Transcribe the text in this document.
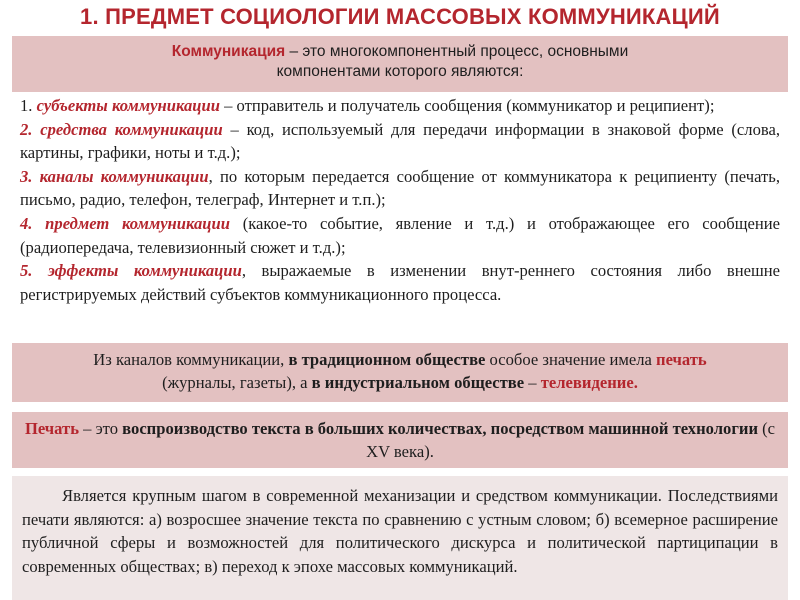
1. ПРЕДМЕТ СОЦИОЛОГИИ МАССОВЫХ КОММУНИКАЦИЙ
Коммуникация – это многокомпонентный процесс, основными
компонентами которого являются:

1. субъекты коммуникации – отправитель и получатель сообщения (коммуникатор и реципиент);

2. средства коммуникации – код, используемый для передачи информации в знаковой форме (слова, картины, графики, ноты и т.д.);

3. каналы коммуникации, по которым передается сообщение от коммуникатора к реципиенту (печать, письмо, радио, телефон, телеграф, Интернет и т.п.);

4. предмет коммуникации (какое-то событие, явление и т.д.) и отображающее его сообщение (радиопередача, телевизионный сюжет и т.д.);

5. эффекты коммуникации, выражаемые в изменении внут-реннего состояния либо внешне регистрируемых действий субъектов коммуникационного процесса.

Из каналов коммуникации, в традиционном обществе особое значение имела печать
(журналы, газеты), а в индустриальном обществе – телевидение.
Печать – это воспроизводство текста в больших количествах, посредством машинной технологии (с XV века).
Является крупным шагом в современной механизации и средством коммуникации. Последствиями печати являются: а) возросшее значение текста по сравнению с устным словом; б) всемерное расширение публичной сферы и возможностей для политического дискурса и политической партиципации в современных обществах; в) переход к эпохе массовых коммуникаций.
